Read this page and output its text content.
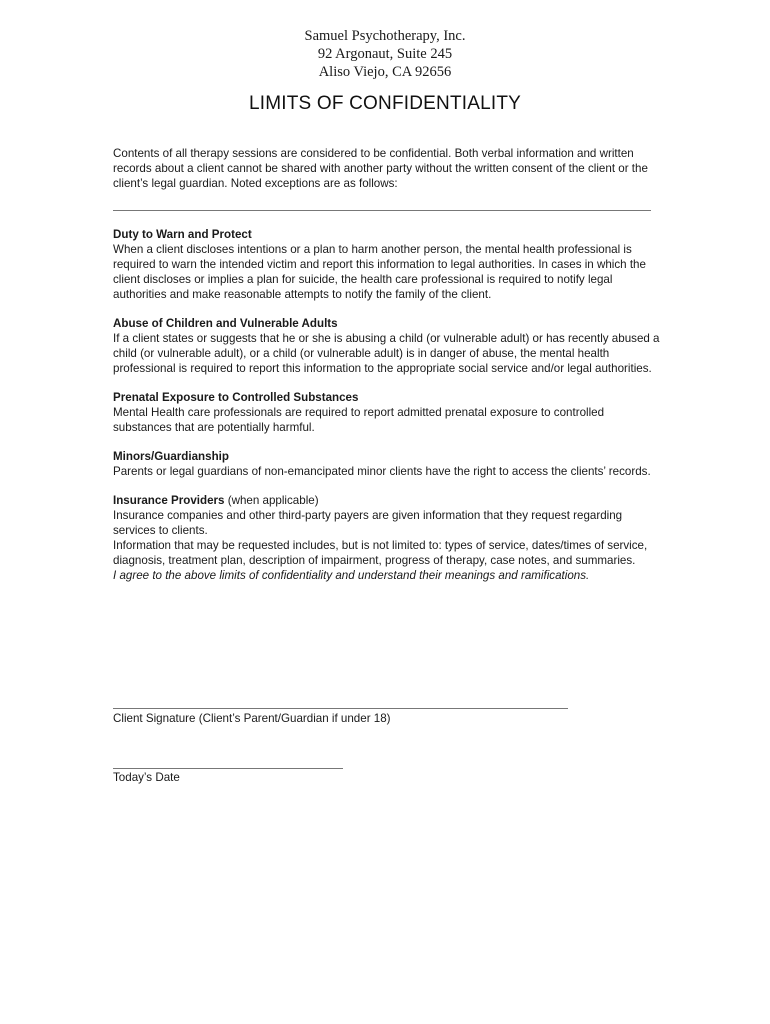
Samuel Psychotherapy, Inc.
92 Argonaut, Suite 245
Aliso Viejo, CA 92656
LIMITS OF CONFIDENTIALITY

Contents of all therapy sessions are considered to be confidential. Both verbal information and written records about a client cannot be shared with another party without the written consent of the client or the client’s legal guardian. Noted exceptions are as follows:

Duty to Warn and Protect
When a client discloses intentions or a plan to harm another person, the mental health professional is required to warn the intended victim and report this information to legal authorities. In cases in which the client discloses or implies a plan for suicide, the health care professional is required to notify legal authorities and make reasonable attempts to notify the family of the client.

Abuse of Children and Vulnerable Adults
If a client states or suggests that he or she is abusing a child (or vulnerable adult) or has recently abused a child (or vulnerable adult), or a child (or vulnerable adult) is in danger of abuse, the mental health professional is required to report this information to the appropriate social service and/or legal authorities.

Prenatal Exposure to Controlled Substances
Mental Health care professionals are required to report admitted prenatal exposure to controlled substances that are potentially harmful.

Minors/Guardianship
Parents or legal guardians of non-emancipated minor clients have the right to access the clients’ records.

Insurance Providers (when applicable)
Insurance companies and other third-party payers are given information that they request regarding services to clients.

Information that may be requested includes, but is not limited to: types of service, dates/times of service, diagnosis, treatment plan, description of impairment, progress of therapy, case notes, and summaries.

I agree to the above limits of confidentiality and understand their meanings and ramifications.

Client Signature (Client’s Parent/Guardian if under 18)
Today’s Date
